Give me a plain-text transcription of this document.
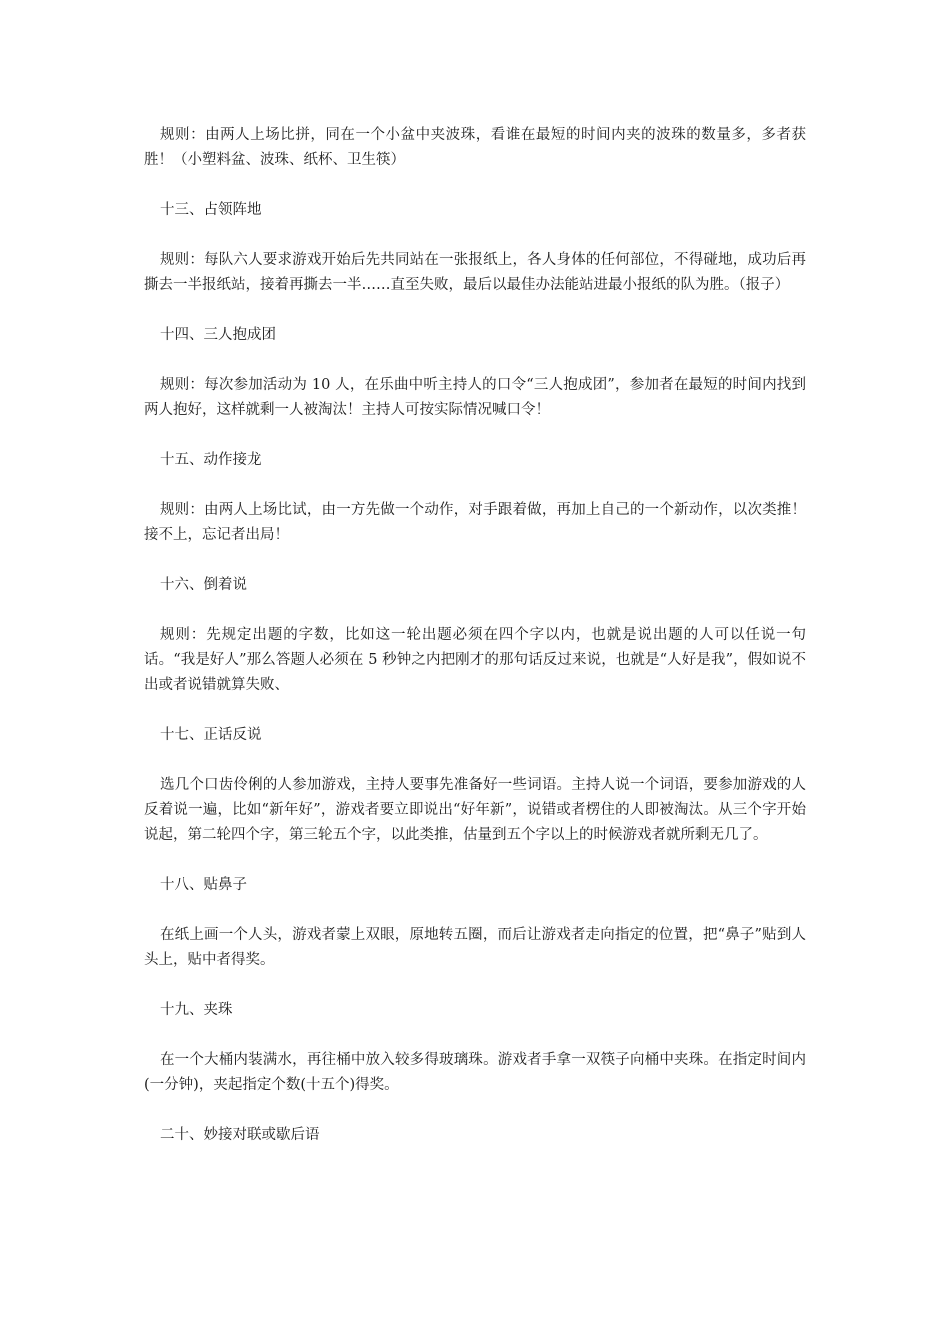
规则：由两人上场比拼，同在一个小盆中夹波珠，看谁在最短的时间内夹的波珠的数量多，多者获胜！（小塑料盆、波珠、纸杯、卫生筷）

十三、占领阵地

规则：每队六人要求游戏开始后先共同站在一张报纸上，各人身体的任何部位，不得碰地，成功后再撕去一半报纸站，接着再撕去一半……直至失败，最后以最佳办法能站进最小报纸的队为胜。（报子）

十四、三人抱成团

规则：每次参加活动为 10 人，在乐曲中听主持人的口令“三人抱成团”，参加者在最短的时间内找到两人抱好，这样就剩一人被淘汰！主持人可按实际情况喊口令！

十五、动作接龙

规则：由两人上场比试，由一方先做一个动作，对手跟着做，再加上自己的一个新动作，以次类推！接不上，忘记者出局！

十六、倒着说

规则：先规定出题的字数，比如这一轮出题必须在四个字以内，也就是说出题的人可以任说一句话。“我是好人”那么答题人必须在 5 秒钟之内把刚才的那句话反过来说，也就是“人好是我”，假如说不出或者说错就算失败、

十七、正话反说

选几个口齿伶俐的人参加游戏，主持人要事先准备好一些词语。主持人说一个词语，要参加游戏的人反着说一遍，比如“新年好”，游戏者要立即说出“好年新”，说错或者楞住的人即被淘汰。从三个字开始说起，第二轮四个字，第三轮五个字，以此类推，估量到五个字以上的时候游戏者就所剩无几了。

十八、贴鼻子

在纸上画一个人头，游戏者蒙上双眼，原地转五圈，而后让游戏者走向指定的位置，把“鼻子”贴到人头上，贴中者得奖。

十九、夹珠

在一个大桶内装满水，再往桶中放入较多得玻璃珠。游戏者手拿一双筷子向桶中夹珠。在指定时间内(一分钟)，夹起指定个数(十五个)得奖。

二十、妙接对联或歇后语
